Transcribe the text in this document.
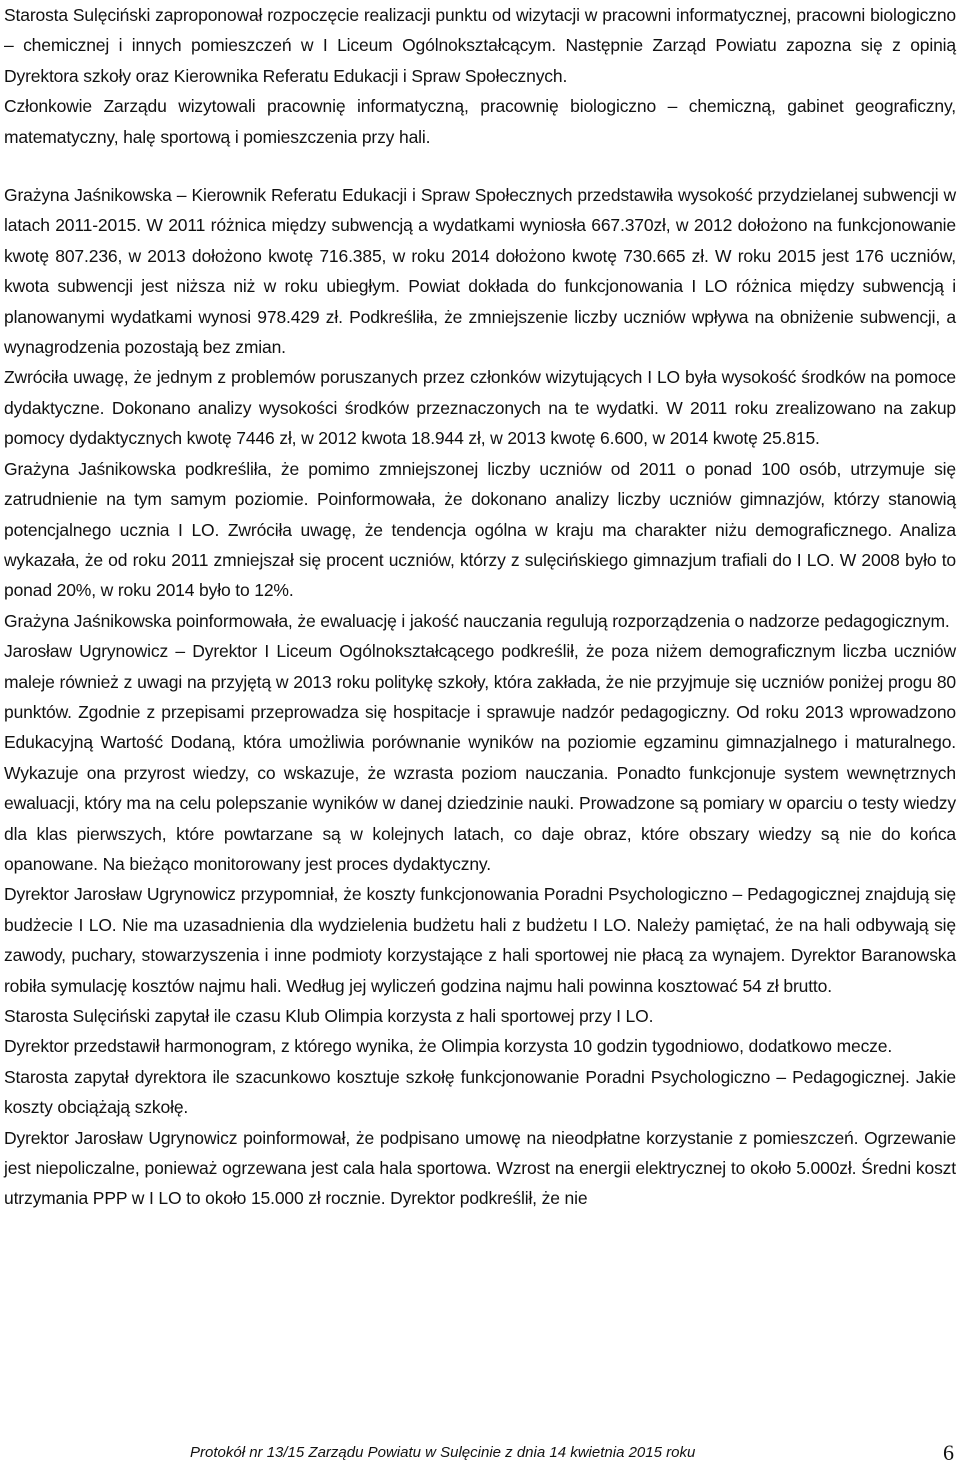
Starosta Sulęciński zaproponował rozpoczęcie realizacji punktu od wizytacji w pracowni informatycznej, pracowni biologiczno – chemicznej i innych pomieszczeń w I Liceum Ogólnokształcącym. Następnie Zarząd Powiatu zapozna się z opinią Dyrektora szkoły oraz Kierownika Referatu Edukacji i Spraw Społecznych.

Członkowie Zarządu wizytowali pracownię informatyczną, pracownię biologiczno – chemiczną, gabinet geograficzny, matematyczny, halę sportową i pomieszczenia przy hali.

Grażyna Jaśnikowska – Kierownik Referatu Edukacji i Spraw Społecznych przedstawiła wysokość przydzielanej subwencji w latach 2011-2015. W 2011 różnica między subwencją a wydatkami wyniosła 667.370zł, w 2012 dołożono na funkcjonowanie kwotę 807.236, w 2013 dołożono kwotę 716.385, w roku 2014 dołożono kwotę 730.665 zł. W roku 2015 jest 176 uczniów, kwota subwencji jest niższa niż w roku ubiegłym. Powiat dokłada do funkcjonowania I LO różnica między subwencją i planowanymi wydatkami wynosi 978.429 zł. Podkreśliła, że zmniejszenie liczby uczniów wpływa na obniżenie subwencji, a wynagrodzenia pozostają bez zmian.

Zwróciła uwagę, że jednym z problemów poruszanych przez członków wizytujących I LO była wysokość środków na pomoce dydaktyczne. Dokonano analizy wysokości środków przeznaczonych na te wydatki. W 2011 roku zrealizowano na zakup pomocy dydaktycznych kwotę 7446 zł, w 2012 kwota 18.944 zł, w 2013 kwotę 6.600, w 2014 kwotę 25.815.

Grażyna Jaśnikowska podkreśliła, że pomimo zmniejszonej liczby uczniów od 2011 o ponad 100 osób, utrzymuje się zatrudnienie na tym samym poziomie. Poinformowała, że dokonano analizy liczby uczniów gimnazjów, którzy stanowią potencjalnego ucznia I LO. Zwróciła uwagę, że tendencja ogólna w kraju ma charakter niżu demograficznego. Analiza wykazała, że od roku 2011 zmniejszał się procent uczniów, którzy z sulęcińskiego gimnazjum trafiali do I LO. W 2008 było to ponad 20%, w roku 2014 było to 12%.

Grażyna Jaśnikowska poinformowała, że ewaluację i jakość nauczania regulują rozporządzenia o nadzorze pedagogicznym.

Jarosław Ugrynowicz – Dyrektor I Liceum Ogólnokształcącego podkreślił, że poza niżem demograficznym liczba uczniów maleje również z uwagi na przyjętą w 2013 roku politykę szkoły, która zakłada, że nie przyjmuje się uczniów poniżej progu 80 punktów. Zgodnie z przepisami przeprowadza się hospitacje i sprawuje nadzór pedagogiczny. Od roku 2013 wprowadzono Edukacyjną Wartość Dodaną, która umożliwia porównanie wyników na poziomie egzaminu gimnazjalnego i maturalnego. Wykazuje ona przyrost wiedzy, co wskazuje, że wzrasta poziom nauczania. Ponadto funkcjonuje system wewnętrznych ewaluacji, który ma na celu polepszanie wyników w danej dziedzinie nauki. Prowadzone są pomiary w oparciu o testy wiedzy dla klas pierwszych, które powtarzane są w kolejnych latach, co daje obraz, które obszary wiedzy są nie do końca opanowane. Na bieżąco monitorowany jest proces dydaktyczny.

Dyrektor Jarosław Ugrynowicz przypomniał, że koszty funkcjonowania Poradni Psychologiczno – Pedagogicznej znajdują się budżecie I LO. Nie ma uzasadnienia dla wydzielenia budżetu hali z budżetu I LO. Należy pamiętać, że na hali odbywają się zawody, puchary, stowarzyszenia i inne podmioty korzystające z hali sportowej nie płacą za wynajem. Dyrektor Baranowska robiła symulację kosztów najmu hali. Według jej wyliczeń godzina najmu hali powinna kosztować 54 zł brutto.

Starosta Sulęciński zapytał ile czasu Klub Olimpia korzysta z hali sportowej przy I LO.

Dyrektor przedstawił harmonogram, z którego wynika, że Olimpia korzysta 10 godzin tygodniowo, dodatkowo mecze.

Starosta zapytał dyrektora ile szacunkowo kosztuje szkołę funkcjonowanie Poradni Psychologiczno – Pedagogicznej. Jakie koszty obciążają szkołę.

Dyrektor Jarosław Ugrynowicz poinformował, że podpisano umowę na nieodpłatne korzystanie z pomieszczeń. Ogrzewanie jest niepoliczalne, ponieważ ogrzewana jest cala hala sportowa. Wzrost na energii elektrycznej to około 5.000zł. Średni koszt utrzymania PPP w I LO to około 15.000 zł rocznie. Dyrektor podkreślił, że nie

Protokół nr 13/15 Zarządu Powiatu w Sulęcinie z dnia 14 kwietnia 2015 roku	6
